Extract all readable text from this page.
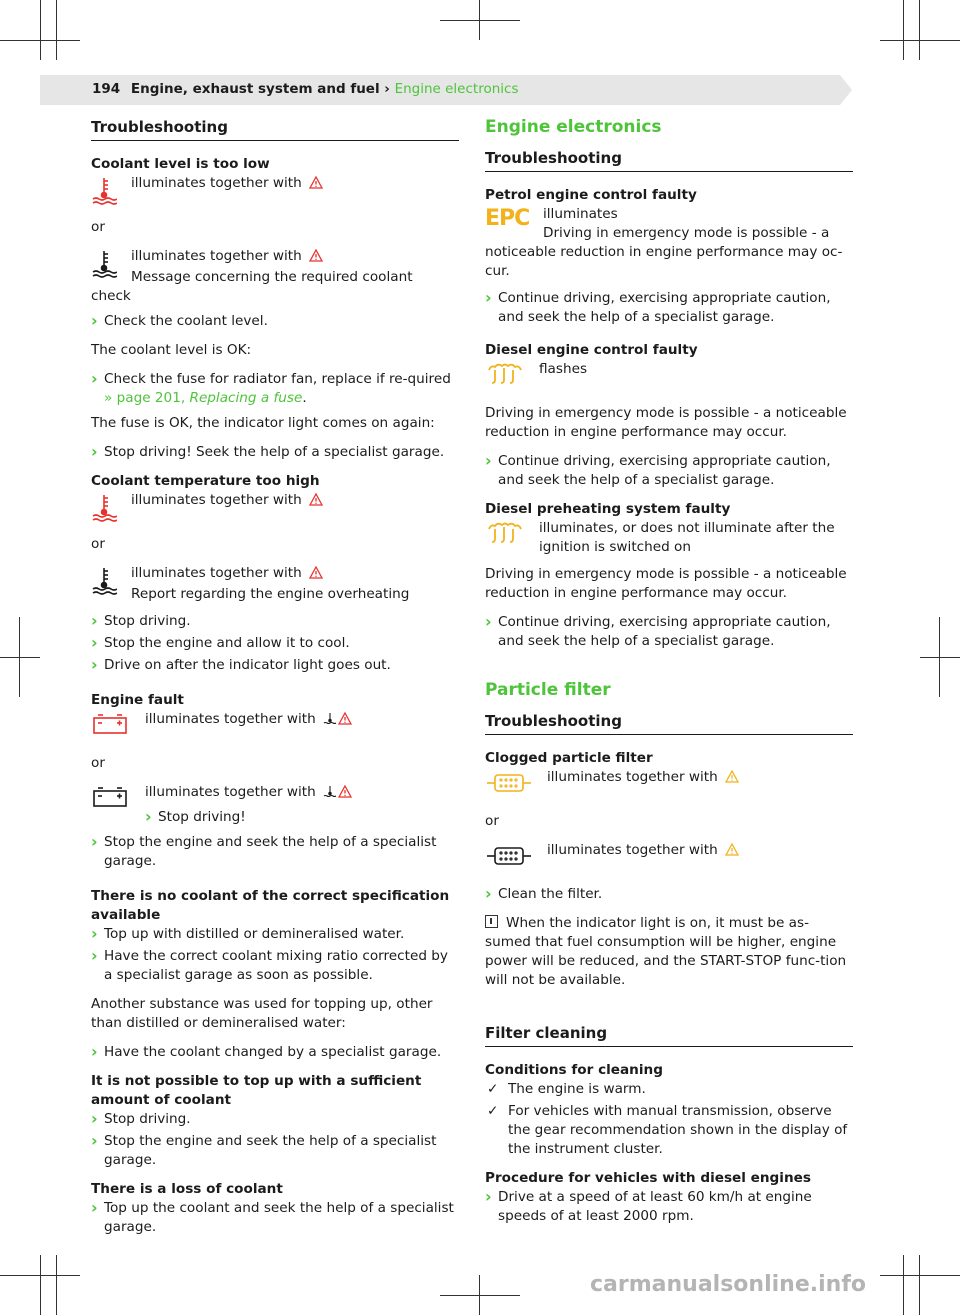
194 Engine, exhaust system and fuel › Engine electronics
Troubleshooting
Coolant level is too low
illuminates together with

or

illuminates together with
Message concerning the required coolant
check
› Check the coolant level.

The coolant level is OK:

› Check the fuse for radiator fan, replace if re-quired » page 201, Replacing a fuse.

The fuse is OK, the indicator light comes on again:

› Stop driving! Seek the help of a specialist garage.
Coolant temperature too high
illuminates together with

or

illuminates together with
Report regarding the engine overheating
› Stop driving.
› Stop the engine and allow it to cool.
› Drive on after the indicator light goes out.
Engine fault
illuminates together with

or

illuminates together with
› Stop driving!
› Stop the engine and seek the help of a specialist garage.
There is no coolant of the correct specification available
› Top up with distilled or demineralised water.
› Have the correct coolant mixing ratio corrected by a specialist garage as soon as possible.

Another substance was used for topping up, other than distilled or demineralised water:

› Have the coolant changed by a specialist garage.
It is not possible to top up with a sufficient amount of coolant
› Stop driving.
› Stop the engine and seek the help of a specialist garage.
There is a loss of coolant
› Top up the coolant and seek the help of a specialist garage.
Engine electronics
Troubleshooting
Petrol engine control faulty
EPC	illuminates
Driving in emergency mode is possible - a
noticeable reduction in engine performance may oc-cur.
› Continue driving, exercising appropriate caution, and seek the help of a specialist garage.
Diesel engine control faulty
flashes

Driving in emergency mode is possible - a noticeable reduction in engine performance may occur.

› Continue driving, exercising appropriate caution, and seek the help of a specialist garage.
Diesel preheating system faulty
illuminates, or does not illuminate after the ignition is switched on

Driving in emergency mode is possible - a noticeable reduction in engine performance may occur.

› Continue driving, exercising appropriate caution, and seek the help of a specialist garage.
Particle filter
Troubleshooting
Clogged particle filter
illuminates together with

or

illuminates together with
› Clean the filter.

When the indicator light is on, it must be as-sumed that fuel consumption will be higher, engine power will be reduced, and the START-STOP func-tion will not be available.

Filter cleaning
Conditions for cleaning
✓ The engine is warm.
✓ For vehicles with manual transmission, observe the gear recommendation shown in the display of the instrument cluster.
Procedure for vehicles with diesel engines
› Drive at a speed of at least 60 km/h at engine speeds of at least 2000 rpm.
carmanualsonline.info
